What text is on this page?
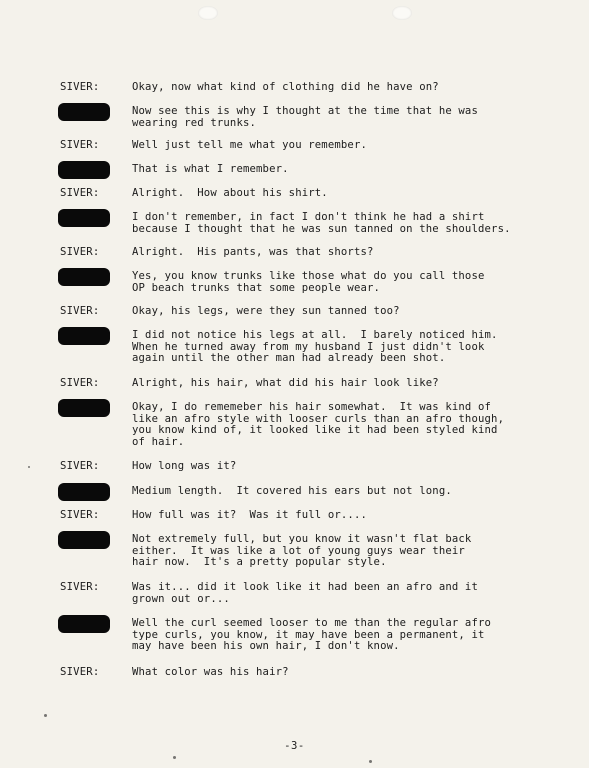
SIVER:	Okay, now what kind of clothing did he have on?
Now see this is why I thought at the time that he was
wearing red trunks.
SIVER:	Well just tell me what you remember.
That is what I remember.
SIVER:	Alright.  How about his shirt.
I don't remember, in fact I don't think he had a shirt
because I thought that he was sun tanned on the shoulders.
SIVER:	Alright.  His pants, was that shorts?
Yes, you know trunks like those what do you call those
OP beach trunks that some people wear.
SIVER:	Okay, his legs, were they sun tanned too?
I did not notice his legs at all.  I barely noticed him.
When he turned away from my husband I just didn't look
again until the other man had already been shot.
SIVER:	Alright, his hair, what did his hair look like?
Okay, I do rememeber his hair somewhat.  It was kind of
like an afro style with looser curls than an afro though,
you know kind of, it looked like it had been styled kind
of hair.
SIVER:	How long was it?
Medium length.  It covered his ears but not long.
SIVER:	How full was it?  Was it full or....
Not extremely full, but you know it wasn't flat back
either.  It was like a lot of young guys wear their
hair now.  It's a pretty popular style.
SIVER:	Was it... did it look like it had been an afro and it
grown out or...
Well the curl seemed looser to me than the regular afro
type curls, you know, it may have been a permanent, it
may have been his own hair, I don't know.
SIVER:	What color was his hair?
-3-
